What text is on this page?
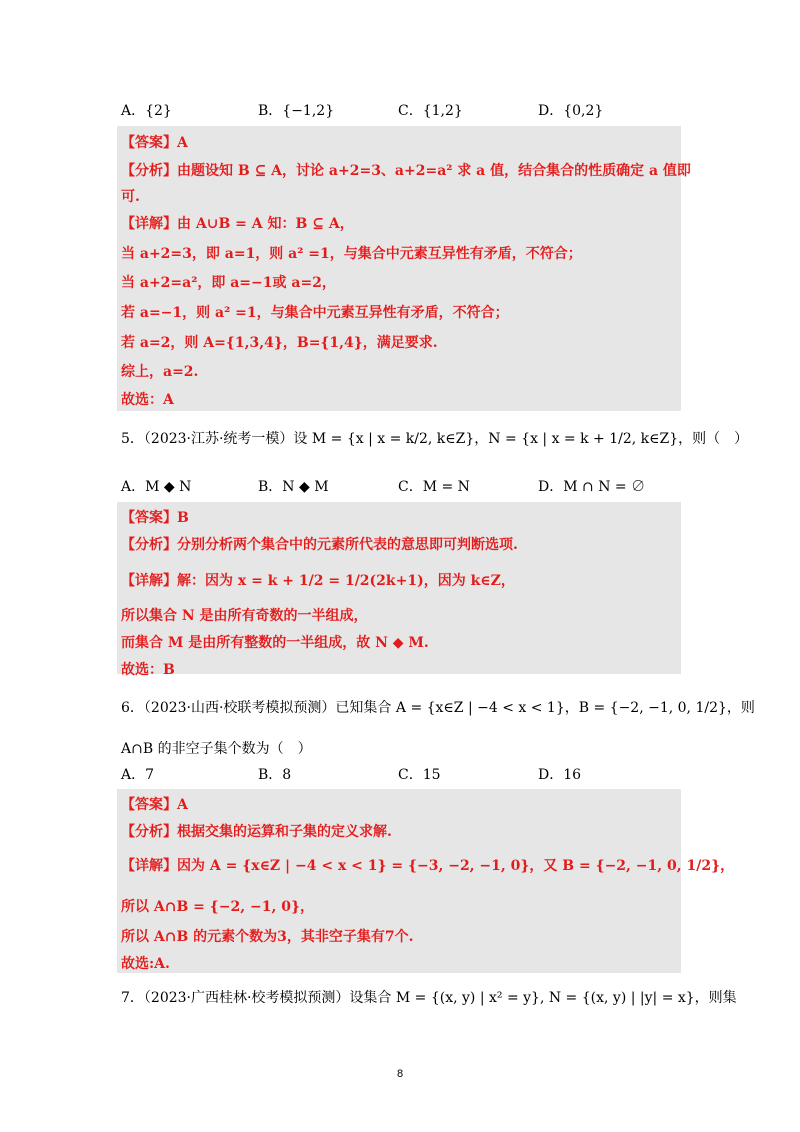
A．{2}	B．{−1,2}	C．{1,2}	D．{0,2}
【答案】A
【分析】由题设知 B ⊆ A，讨论 a+2=3、a+2=a² 求 a 值，结合集合的性质确定 a 值即
可.
【详解】由 A∪B = A 知：B ⊆ A，
当 a+2=3，即 a=1，则 a² =1，与集合中元素互异性有矛盾，不符合；
当 a+2=a²，即 a=−1或 a=2，
若 a=−1，则 a² =1，与集合中元素互异性有矛盾，不符合；
若 a=2，则 A={1,3,4}，B={1,4}，满足要求.
综上，a=2.
故选：A
5．（2023·江苏·统考一模）设 M = {x | x = k/2, k∈Z}，N = {x | x = k + 1/2, k∈Z}，则（　）
A．M ◆ N	B．N ◆ M	C．M = N	D．M ∩ N = ∅
【答案】B
【分析】分别分析两个集合中的元素所代表的意思即可判断选项.
【详解】解：因为 x = k + 1/2 = 1/2(2k+1)，因为 k∈Z，
所以集合 N 是由所有奇数的一半组成，
而集合 M 是由所有整数的一半组成，故 N ◆ M.
故选：B
6．（2023·山西·校联考模拟预测）已知集合 A = {x∈Z | −4 < x < 1}，B = {−2, −1, 0, 1/2}，则
A∩B 的非空子集个数为（　）
A．7	B．8	C．15	D．16
【答案】A
【分析】根据交集的运算和子集的定义求解.
【详解】因为 A = {x∈Z | −4 < x < 1} = {−3, −2, −1, 0}，又 B = {−2, −1, 0, 1/2}，
所以 A∩B = {−2, −1, 0}，
所以 A∩B 的元素个数为3，其非空子集有7个.
故选:A.
7．（2023·广西桂林·校考模拟预测）设集合 M = {(x, y) | x² = y}, N = {(x, y) | |y| = x}，则集
8
